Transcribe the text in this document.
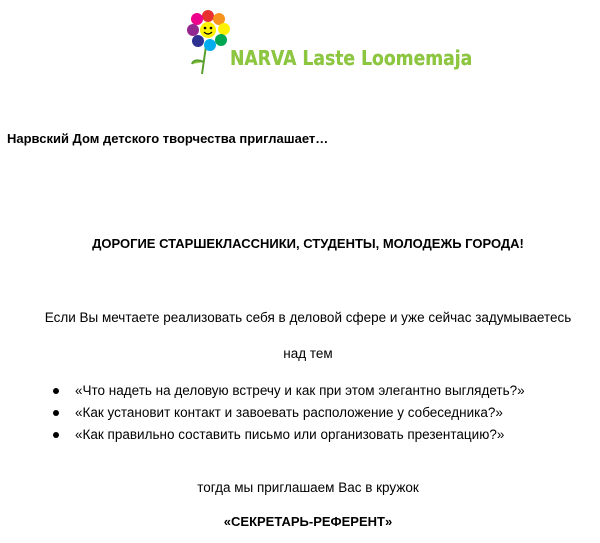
NARVA Laste Loomemaja
Нарвский Дом детского творчества приглашает…
ДОРОГИЕ СТАРШЕКЛАССНИКИ, СТУДЕНТЫ, МОЛОДЕЖЬ ГОРОДА!
Если Вы мечтаете реализовать себя в деловой сфере и уже сейчас задумываетесь
над тем
«Что надеть на деловую встречу и как при этом элегантно выглядеть?»
«Как установит контакт и завоевать расположение у собеседника?»
«Как правильно составить письмо или организовать презентацию?»
тогда мы приглашаем Вас в кружок
«СЕКРЕТАРЬ-РЕФЕРЕНТ»
